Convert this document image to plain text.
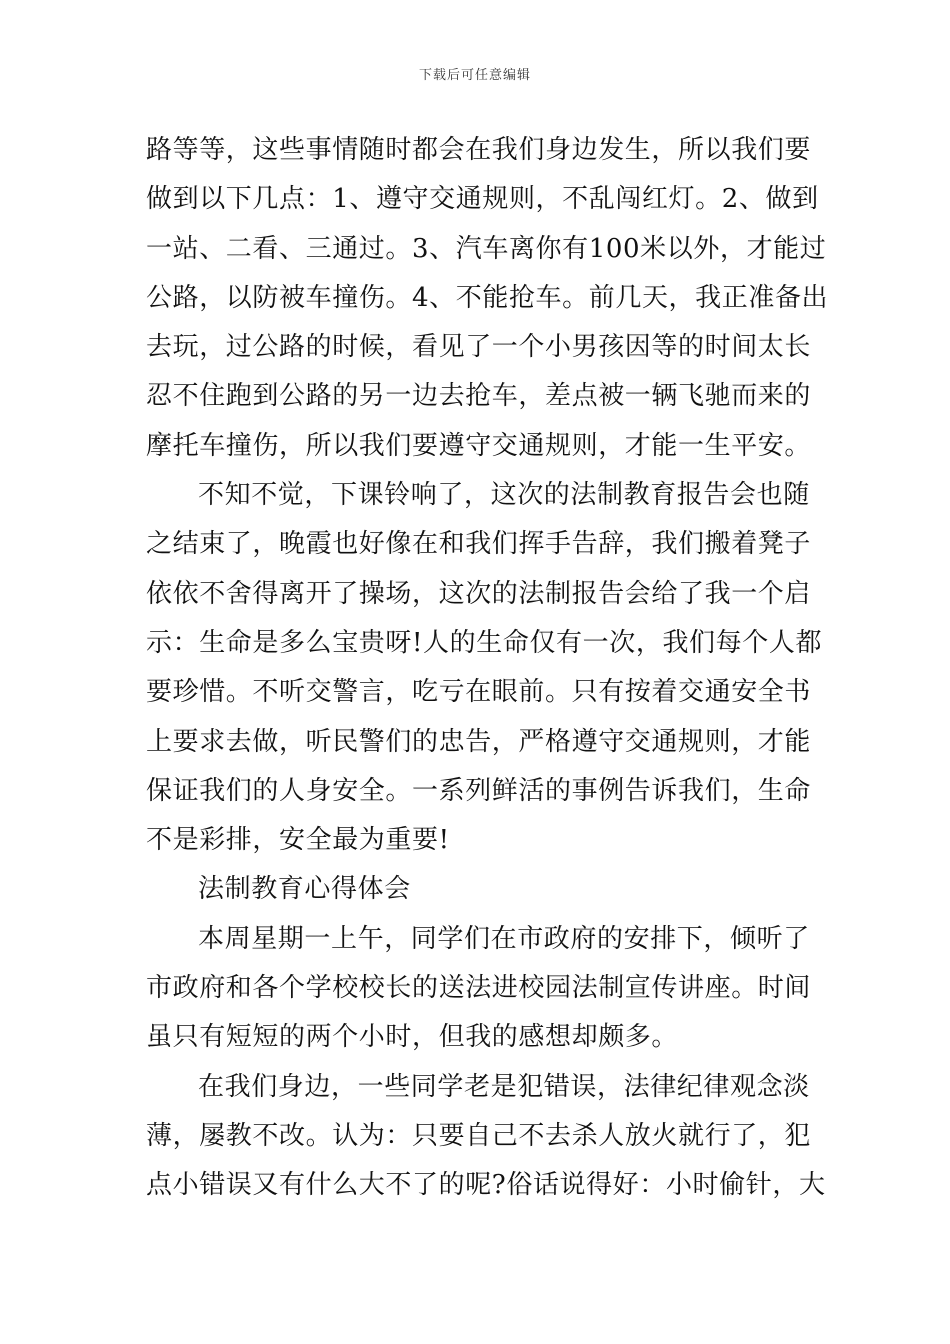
下载后可任意编辑
路等等，这些事情随时都会在我们身边发生，所以我们要
做到以下几点：1、遵守交通规则，不乱闯红灯。2、做到
一站、二看、三通过。3、汽车离你有100米以外，才能过
公路，以防被车撞伤。4、不能抢车。前几天，我正准备出
去玩，过公路的时候，看见了一个小男孩因等的时间太长
忍不住跑到公路的另一边去抢车，差点被一辆飞驰而来的
摩托车撞伤，所以我们要遵守交通规则，才能一生平安。
不知不觉，下课铃响了，这次的法制教育报告会也随
之结束了，晚霞也好像在和我们挥手告辞，我们搬着凳子
依依不舍得离开了操场，这次的法制报告会给了我一个启
示：生命是多么宝贵呀!人的生命仅有一次，我们每个人都
要珍惜。不听交警言，吃亏在眼前。只有按着交通安全书
上要求去做，听民警们的忠告，严格遵守交通规则，才能
保证我们的人身安全。一系列鲜活的事例告诉我们，生命
不是彩排，安全最为重要!
法制教育心得体会
本周星期一上午，同学们在市政府的安排下，倾听了
市政府和各个学校校长的送法进校园法制宣传讲座。时间
虽只有短短的两个小时，但我的感想却颇多。
在我们身边，一些同学老是犯错误，法律纪律观念淡
薄，屡教不改。认为：只要自己不去杀人放火就行了，犯
点小错误又有什么大不了的呢?俗话说得好：小时偷针，大
